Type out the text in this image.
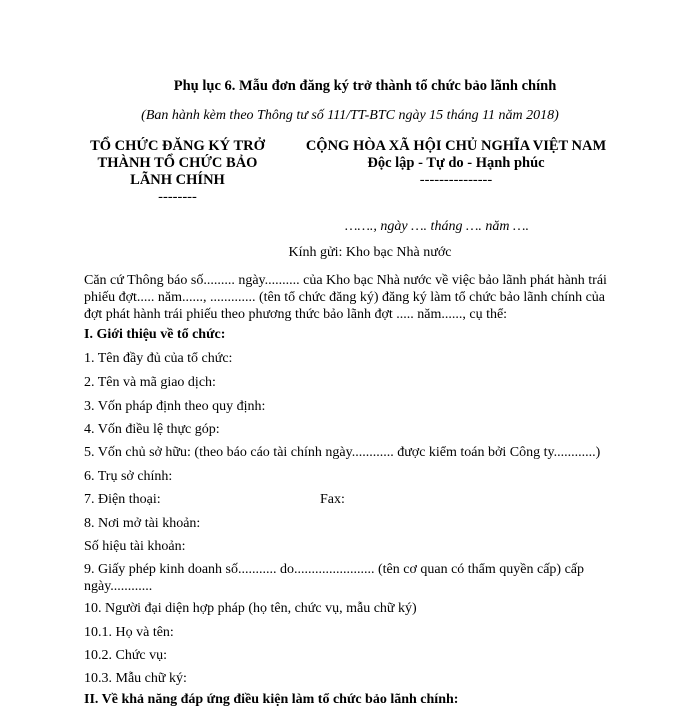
Phụ lục 6. Mẫu đơn đăng ký trở thành tổ chức bảo lãnh chính
(Ban hành kèm theo Thông tư số 111/TT-BTC ngày 15 tháng 11 năm 2018)
TỔ CHỨC ĐĂNG KÝ TRỞ THÀNH TỔ CHỨC BẢO LÃNH CHÍNH
--------
CỘNG HÒA XÃ HỘI CHỦ NGHĨA VIỆT NAM
Độc lập - Tự do - Hạnh phúc
---------------
……., ngày …. tháng …. năm ….
Kính gửi: Kho bạc Nhà nước
Căn cứ Thông báo số......... ngày.......... của Kho bạc Nhà nước về việc bảo lãnh phát hành trái phiếu đợt..... năm......, ............. (tên tổ chức đăng ký) đăng ký làm tổ chức bảo lãnh chính của đợt phát hành trái phiếu theo phương thức bảo lãnh đợt ..... năm......, cụ thể:
I. Giới thiệu về tổ chức:
1. Tên đầy đủ của tổ chức:
2. Tên và mã giao dịch:
3. Vốn pháp định theo quy định:
4. Vốn điều lệ thực góp:
5. Vốn chủ sở hữu: (theo báo cáo tài chính ngày............ được kiểm toán bởi Công ty............)
6. Trụ sở chính:
7. Điện thoại:	Fax:
8. Nơi mở tài khoản:
Số hiệu tài khoản:
9. Giấy phép kinh doanh số........... do....................... (tên cơ quan có thẩm quyền cấp) cấp ngày............
10. Người đại diện hợp pháp (họ tên, chức vụ, mẫu chữ ký)
10.1. Họ và tên:
10.2. Chức vụ:
10.3. Mẫu chữ ký:
II. Về khả năng đáp ứng điều kiện làm tổ chức bảo lãnh chính:
